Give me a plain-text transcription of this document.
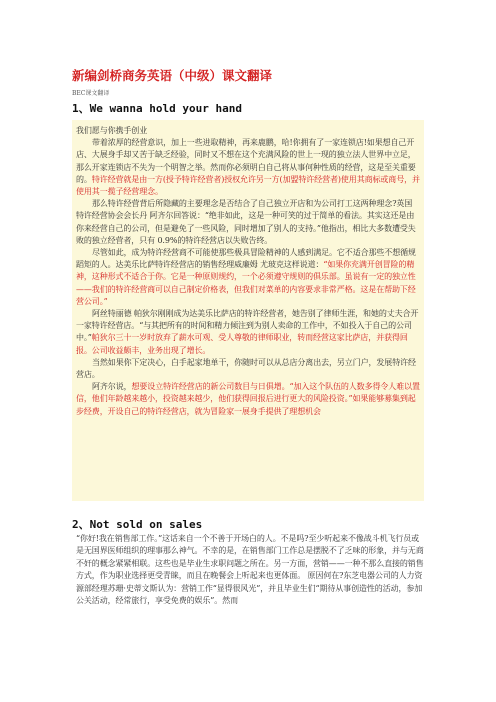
新编剑桥商务英语（中级）课文翻译
BEC课文翻译
1、We wanna hold your hand

我们愿与你携手创业

带着浓厚的经营意识，加上一些进取精神，再来鹿鹏，哈!你拥有了一家连锁店!如果想自己开店、大展身手却又苦于缺乏经验，同时又不想在这个充满风险的世上一现的独立法人世界中立足，那么开家连锁店不失为一个明智之举。然而你必须明白自己将从事何种性质的经营，这是至关重要的。特许经营就是由一方(授予特许经营者)授权允许另一方(加盟特许经营者)使用其商标或商号，并使用其一揽子经营理念。

那么特许经营背后所隐藏的主要理念是否结合了自己独立开店和为公司打工这两种理念?英国特许经营协会会长丹 阿齐尔回答说：“绝非如此，这是一种可笑的过于简单的看法。其实这还是由你来经营自己的公司，但是避免了一些风险，同时增加了别人的支持。”他指出，相比大多数遭受失败的独立经营者，只有 0.9%的特许经营店以失败告终。

尽管如此，成为特许经营商不可能使那些极具冒险精神的人感到满足。它不适合那些不想循规蹈矩的人。达美乐比萨特许经营店的销售经理威廉姆 尤玻克这样说道：“如果你充满开创冒险的精神，这种形式不适合于你。它是一种原则规约，一个必须遵守规则的俱乐部。虽说有一定的独立性——我们的特许经营商可以自己制定价格表，但我们对菜单的内容要求非常严格。这是在帮助下经营公司。”

阿丝特丽德 帕狄尔刚刚成为达美乐比萨店的特许经营者，她告别了律师生涯，和她的丈夫合开一家特许经营店。“与其把所有的时间和精力倾注到为别人卖命的工作中，不如投入于自己的公司中。”帕狄尔三十一岁时放弃了薪水可观、受人尊敬的律师职业，转而经营这家比萨店，并获得回报。公司收益颇丰，业务出现了增长。

当然如果你下定决心，白手起家地单干，你随时可以从总店分离出去，另立门户，发展特许经营店。

阿齐尔说，想要设立特许经营店的新公司数目与日俱增。“加入这个队伍的人数多得令人难以置信，他们年龄越来越小，投资越来越少，他们获得回报后进行更大的风险投资。”如果能够募集到起步经费，开设自己的特许经营店，就为冒险家一展身手提供了理想机会

2、Not sold on sales

“你好!我在销售部工作。”这话来自一个不善于开场白的人。不是吗?至少听起来不像战斗机飞行员或是无国界医师组织的理事那么神气。不幸的是，在销售部门工作总是摆脱不了乏味的形象，并与无商不奸的概念紧紧相联。这些也是毕业生求职问题之所在。另一方面，营销——一种不那么直接的销售方式，作为职业选择更受青睐，而且在晚餐会上听起来也更体面。 原因何在?东芝电器公司的人力资源部经理苏珊·史蒂文斯认为：营销工作“显得很风光”，并且毕业生们“期待从事创造性的活动，参加公关活动，经常旅行，享受免费的娱乐”。然而
